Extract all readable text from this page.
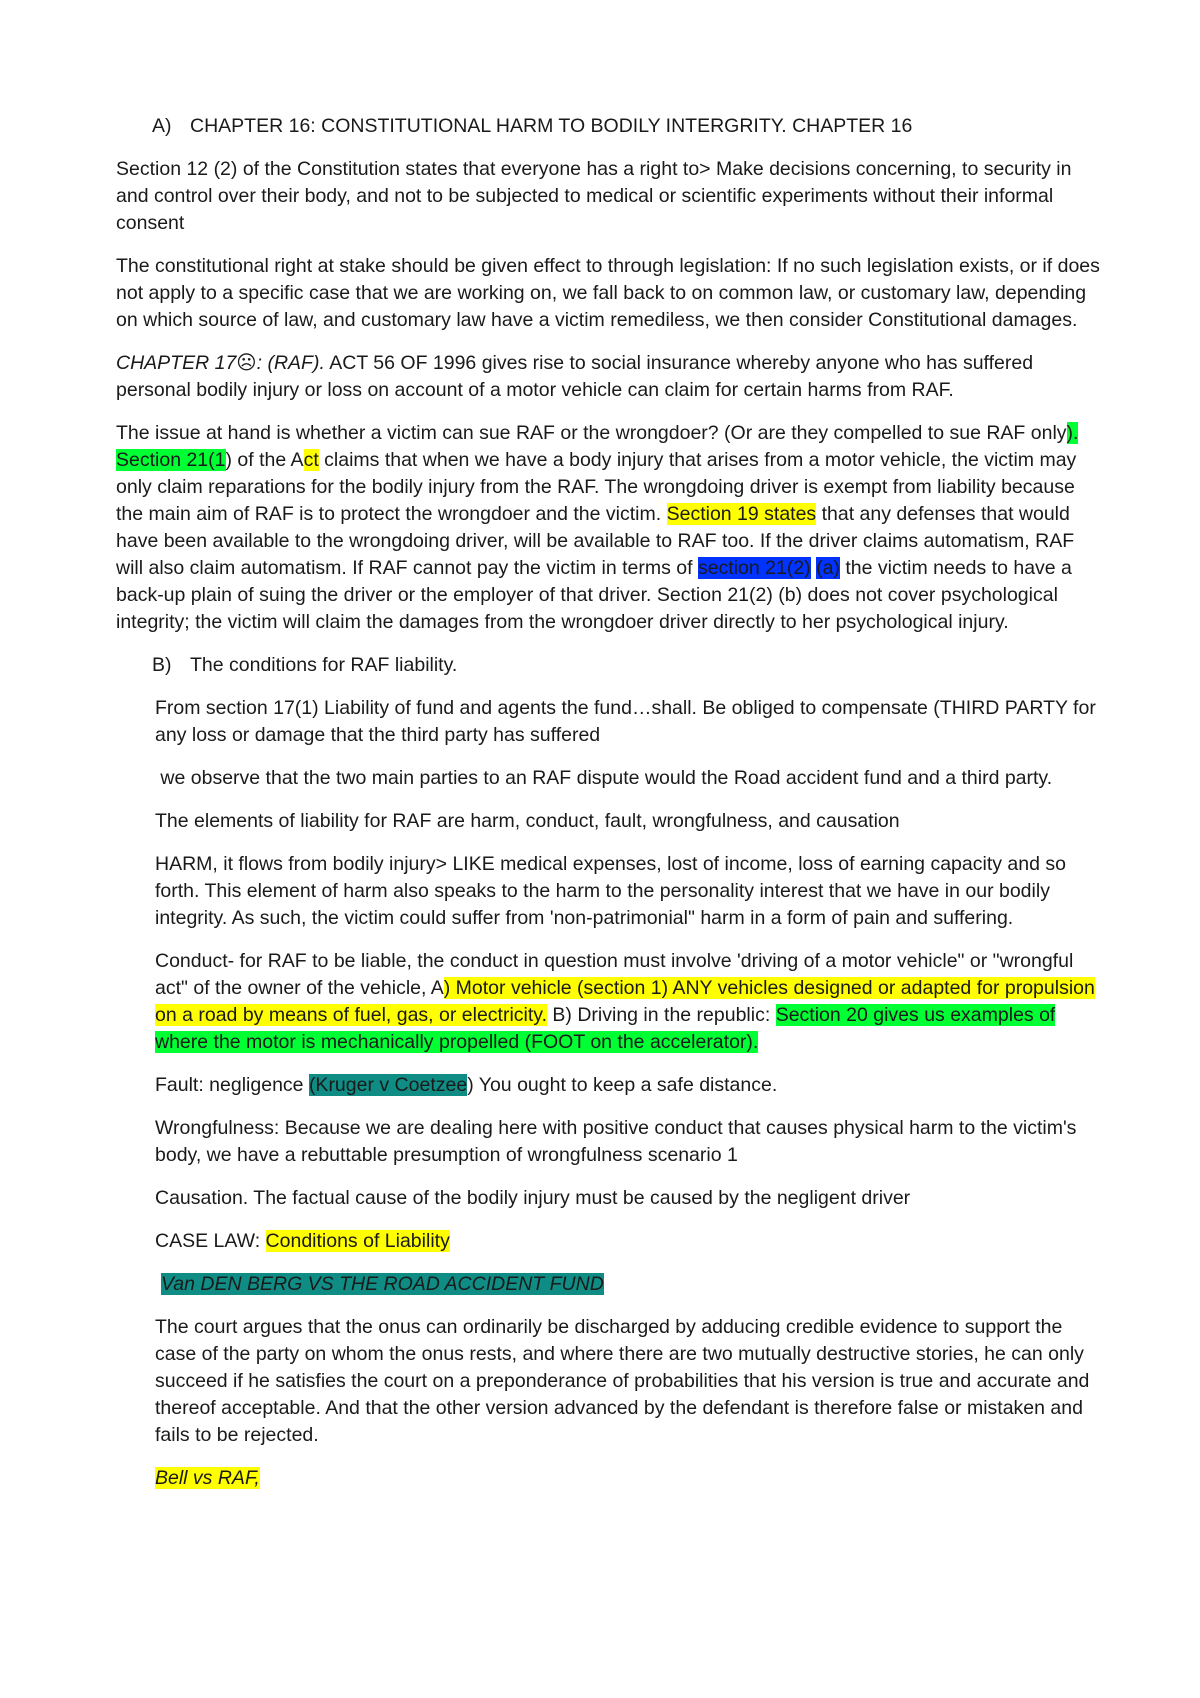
A) CHAPTER 16: CONSTITUTIONAL HARM TO BODILY INTERGRITY. CHAPTER 16

Section 12 (2) of the Constitution states that everyone has a right to> Make decisions concerning, to security in and control over their body, and not to be subjected to medical or scientific experiments without their informal consent

The constitutional right at stake should be given effect to through legislation: If no such legislation exists, or if does not apply to a specific case that we are working on, we fall back to on common law, or customary law, depending on which source of law, and customary law have a victim remediless, we then consider Constitutional damages.

CHAPTER 17☹: (RAF). ACT 56 OF 1996 gives rise to social insurance whereby anyone who has suffered personal bodily injury or loss on account of a motor vehicle can claim for certain harms from RAF.

The issue at hand is whether a victim can sue RAF or the wrongdoer? (Or are they compelled to sue RAF only). Section 21(1) of the Act claims that when we have a body injury that arises from a motor vehicle, the victim may only claim reparations for the bodily injury from the RAF. The wrongdoing driver is exempt from liability because the main aim of RAF is to protect the wrongdoer and the victim. Section 19 states that any defenses that would have been available to the wrongdoing driver, will be available to RAF too. If the driver claims automatism, RAF will also claim automatism. If RAF cannot pay the victim in terms of section 21(2) (a) the victim needs to have a back-up plain of suing the driver or the employer of that driver. Section 21(2) (b) does not cover psychological integrity; the victim will claim the damages from the wrongdoer driver directly to her psychological injury.

B) The conditions for RAF liability.

From section 17(1) Liability of fund and agents the fund…shall. Be obliged to compensate (THIRD PARTY for any loss or damage that the third party has suffered

we observe that the two main parties to an RAF dispute would the Road accident fund and a third party.

The elements of liability for RAF are harm, conduct, fault, wrongfulness, and causation

HARM, it flows from bodily injury> LIKE medical expenses, lost of income, loss of earning capacity and so forth. This element of harm also speaks to the harm to the personality interest that we have in our bodily integrity. As such, the victim could suffer from 'non-patrimonial" harm in a form of pain and suffering.

Conduct- for RAF to be liable, the conduct in question must involve 'driving of a motor vehicle" or "wrongful act" of the owner of the vehicle, A) Motor vehicle (section 1) ANY vehicles designed or adapted for propulsion on a road by means of fuel, gas, or electricity. B) Driving in the republic: Section 20 gives us examples of where the motor is mechanically propelled (FOOT on the accelerator).

Fault: negligence (Kruger v Coetzee) You ought to keep a safe distance.

Wrongfulness: Because we are dealing here with positive conduct that causes physical harm to the victim's body, we have a rebuttable presumption of wrongfulness scenario 1

Causation. The factual cause of the bodily injury must be caused by the negligent driver

CASE LAW: Conditions of Liability

Van DEN BERG VS THE ROAD ACCIDENT FUND

The court argues that the onus can ordinarily be discharged by adducing credible evidence to support the case of the party on whom the onus rests, and where there are two mutually destructive stories, he can only succeed if he satisfies the court on a preponderance of probabilities that his version is true and accurate and thereof acceptable. And that the other version advanced by the defendant is therefore false or mistaken and fails to be rejected.

Bell vs RAF,
